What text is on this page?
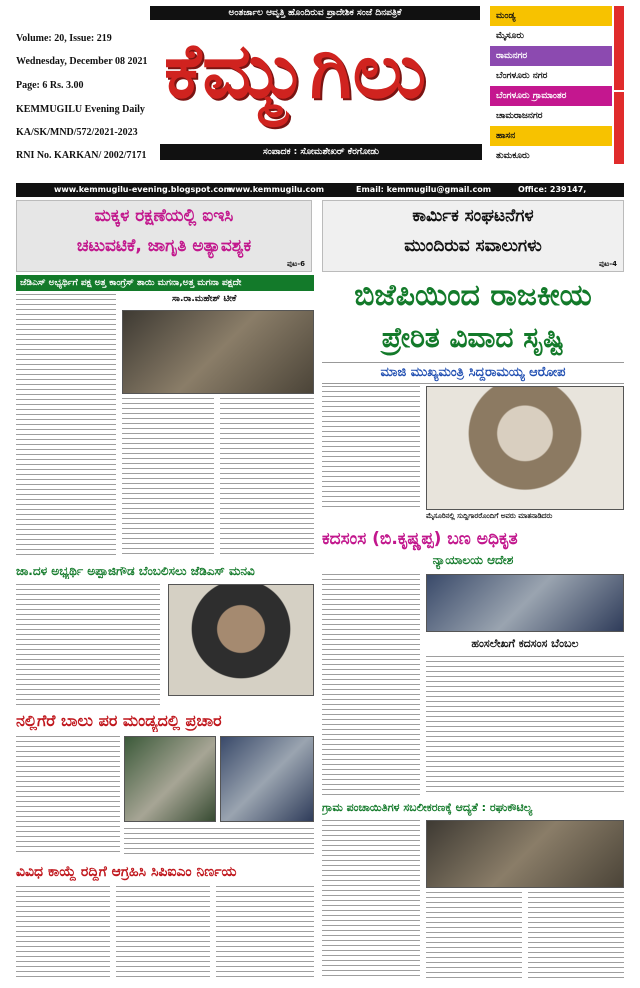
Volume: 20, Issue: 219
Wednesday, December 08 2021
Page: 6 Rs. 3.00
KEMMUGILU Evening Daily
KA/SK/MND/572/2021-2023
RNI No. KARKAN/ 2002/7171
ಅಂತರ್ಜಾಲ ಆವೃತ್ತಿ ಹೊಂದಿರುವ ಪ್ರಾದೇಶಿಕ ಸಂಜೆ ದಿನಪತ್ರಿಕೆ
ಕೆಮ್ಮುಗಿಲು
ಸಂಪಾದಕ : ಸೋಮಶೇಖರ್ ಕೆರಗೋಡು
ಮಂಡ್ಯ
ಮೈಸೂರು
ರಾಮನಗರ
ಬೆಂಗಳೂರು ನಗರ
ಬೆಂಗಳೂರು ಗ್ರಾಮಾಂತರ
ಚಾಮರಾಜನಗರ
ಹಾಸನ
ತುಮಕೂರು
www.kemmugilu-evening.blogspot.com
www.kemmugilu.com	Email: kemmugilu@gmail.com	Office: 239147,
ಮಕ್ಕಳ ರಕ್ಷಣೆಯಲ್ಲಿ ಐಇಸಿ
ಚಟುವಟಿಕೆ, ಜಾಗೃತಿ ಅತ್ಯಾವಶ್ಯಕ
ಪುಟ-6
ಕಾರ್ಮಿಕ ಸಂಘಟನೆಗಳ
ಮುಂದಿರುವ ಸವಾಲುಗಳು
ಪುಟ-4
ಜೆಡಿಎಸ್ ಅಭ್ಯರ್ಥಿಗೆ ಪಕ್ಷ ಅತ್ತ ಕಾಂಗ್ರೆಸ್ ತಾಯಿ ಮಗನಾ,ಅತ್ತ ಮಗನಾ ಪಕ್ಷದೇ
ಸಾ.ರಾ.ಮಹೇಶ್ ಟೀಕೆ
ಜಾ.ದಳ ಅಭ್ಯರ್ಥಿ ಅಪ್ಪಾಜಿಗೌಡ ಬೆಂಬಲಿಸಲು ಜೆಡಿಎಸ್ ಮನವಿ
ನಲ್ಲಿಗೆರೆ ಬಾಲು ಪರ ಮಂಡ್ಯದಲ್ಲಿ ಪ್ರಚಾರ
ವಿವಿಧ ಕಾಯ್ದೆ ರದ್ದಿಗೆ ಆಗ್ರಹಿಸಿ ಸಿಪಿಐಎಂ ನಿರ್ಣಯ
ಬಿಜೆಪಿಯಿಂದ ರಾಜಕೀಯ
ಪ್ರೇರಿತ ವಿವಾದ ಸೃಷ್ಟಿ
ಮಾಜಿ ಮುಖ್ಯಮಂತ್ರಿ ಸಿದ್ದರಾಮಯ್ಯ ಆರೋಪ
ಮೈಸೂರಿನಲ್ಲಿ ಸುದ್ದಿಗಾರರೊಂದಿಗೆ ಅವರು ಮಾತನಾಡಿದರು
ಕದಸಂಸ (ಬಿ.ಕೃಷ್ಣಪ್ಪ) ಬಣ ಅಧಿಕೃತ
ನ್ಯಾಯಾಲಯ ಆದೇಶ
ಹಂಸಲೇಖಗೆ ಕದಸಂಸ ಬೆಂಬಲ
ಗ್ರಾಮ ಪಂಚಾಯಿತಿಗಳ ಸಬಲೀಕರಣಕ್ಕೆ ಆದ್ಯತೆ : ರಘುಕೌಟಿಲ್ಯ
